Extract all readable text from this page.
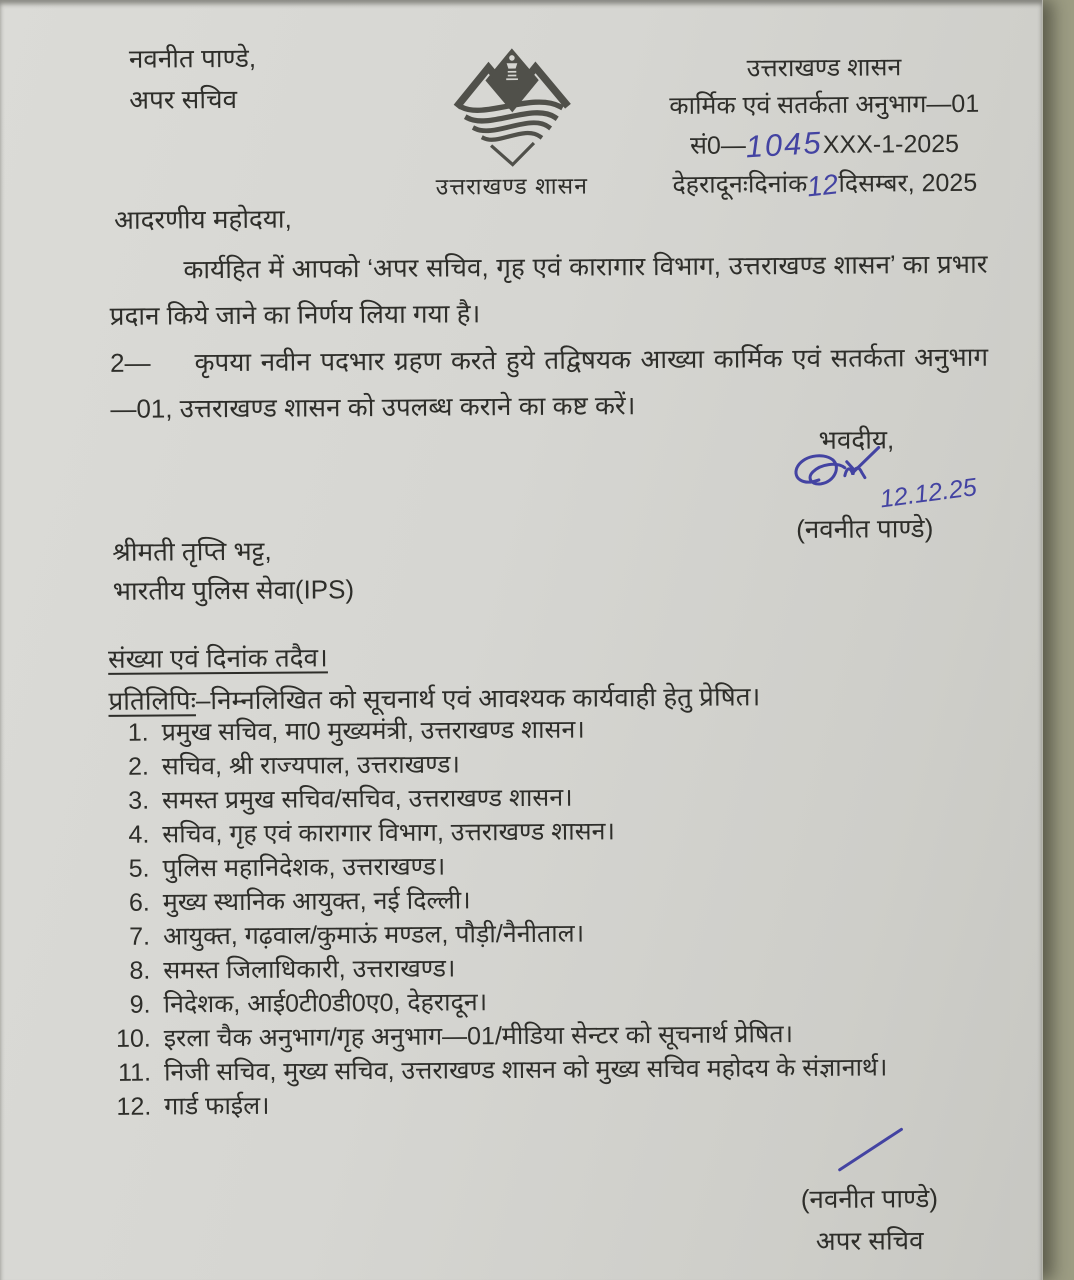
नवनीत पाण्डे,
अपर सचिव
उत्तराखण्ड शासन
उत्तराखण्ड शासन
कार्मिक एवं सतर्कता अनुभाग—01
सं0—1045XXX-1-2025
देहरादूनःदिनांक12दिसम्बर, 2025
आदरणीय महोदया,

कार्यहित में आपको ‘अपर सचिव, गृह एवं कारागार विभाग, उत्तराखण्ड शासन’ का प्रभार प्रदान किये जाने का निर्णय लिया गया है।

2— कृपया नवीन पदभार ग्रहण करते हुये तद्विषयक आख्या कार्मिक एवं सतर्कता अनुभाग—01, उत्तराखण्ड शासन को उपलब्ध कराने का कष्ट करें।

भवदीय,
12.12.25
(नवनीत पाण्डे)
श्रीमती तृप्ति भट्ट,
भारतीय पुलिस सेवा(IPS)
संख्या एवं दिनांक तदैव।
प्रतिलिपिः–निम्नलिखित को सूचनार्थ एवं आवश्यक कार्यवाही हेतु प्रेषित।
1. प्रमुख सचिव, मा0 मुख्यमंत्री, उत्तराखण्ड शासन।
2. सचिव, श्री राज्यपाल, उत्तराखण्ड।
3. समस्त प्रमुख सचिव/सचिव, उत्तराखण्ड शासन।
4. सचिव, गृह एवं कारागार विभाग, उत्तराखण्ड शासन।
5. पुलिस महानिदेशक, उत्तराखण्ड।
6. मुख्य स्थानिक आयुक्त, नई दिल्ली।
7. आयुक्त, गढ़वाल/कुमाऊं मण्डल, पौड़ी/नैनीताल।
8. समस्त जिलाधिकारी, उत्तराखण्ड।
9. निदेशक, आई0टी0डी0ए0, देहरादून।
10. इरला चैक अनुभाग/गृह अनुभाग—01/मीडिया सेन्टर को सूचनार्थ प्रेषित।
11. निजी सचिव, मुख्य सचिव, उत्तराखण्ड शासन को मुख्य सचिव महोदय के संज्ञानार्थ।
12. गार्ड फाईल।
(नवनीत पाण्डे)
अपर सचिव
